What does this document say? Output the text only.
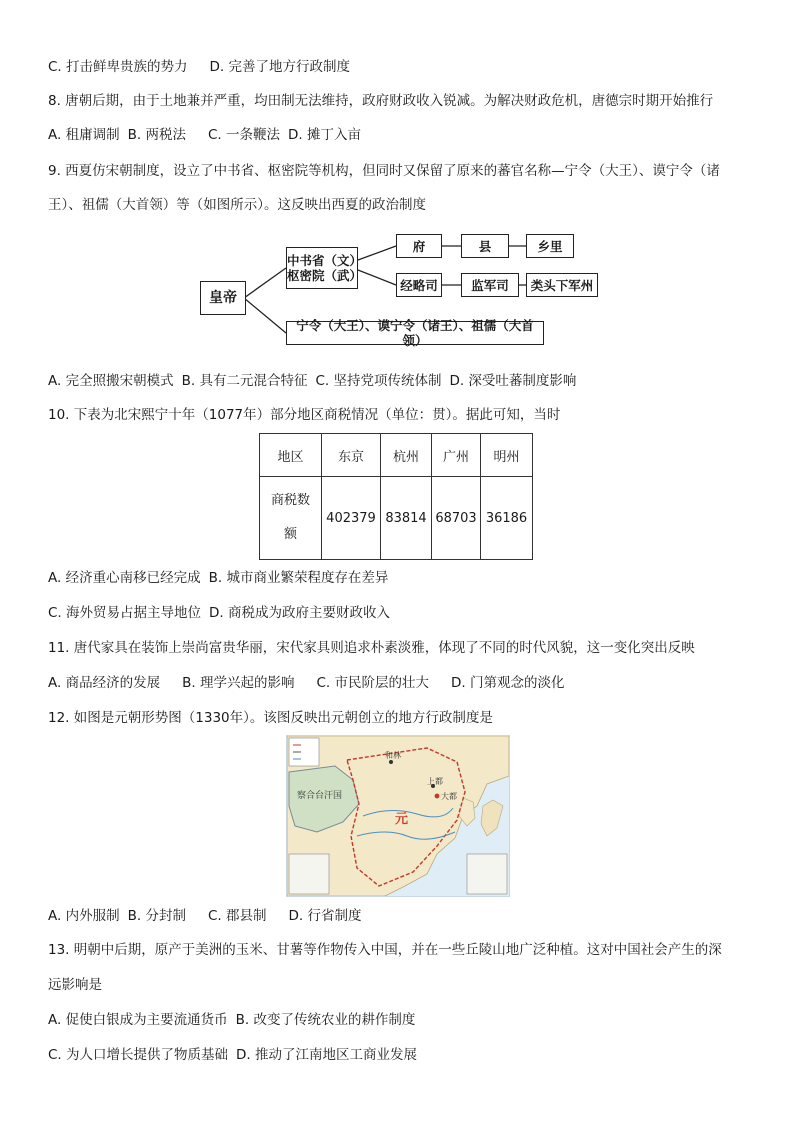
C. 打击鲜卑贵族的势力 D. 完善了地方行政制度
8. 唐朝后期，由于土地兼并严重，均田制无法维持，政府财政收入锐减。为解决财政危机，唐德宗时期开始推行
A. 租庸调制 B. 两税法 C. 一条鞭法 D. 摊丁入亩
9. 西夏仿宋朝制度，设立了中书省、枢密院等机构，但同时又保留了原来的蕃官名称—宁令（大王）、谟宁令（诸
王）、祖儒（大首领）等（如图所示）。这反映出西夏的政治制度
皇帝
中书省（文）
枢密院（武）
府	县	乡里
经略司	监军司	类头下军州
宁令（大王）、谟宁令（诸王）、祖儒（大首领）
A. 完全照搬宋朝模式 B. 具有二元混合特征 C. 坚持党项传统体制 D. 深受吐蕃制度影响
10. 下表为北宋熙宁十年（1077年）部分地区商税情况（单位：贯）。据此可知，当时
地区	东京	杭州	广州	明州

商税数
额	402379	83814	68703	36186
A. 经济重心南移已经完成 B. 城市商业繁荣程度存在差异
C. 海外贸易占据主导地位 D. 商税成为政府主要财政收入
11. 唐代家具在装饰上崇尚富贵华丽，宋代家具则追求朴素淡雅，体现了不同的时代风貌，这一变化突出反映
A. 商品经济的发展 B. 理学兴起的影响 C. 市民阶层的壮大 D. 门第观念的淡化
12. 如图是元朝形势图（1330年）。该图反映出元朝创立的地方行政制度是
察合台汗国
元
大都
上都
和林
A. 内外服制 B. 分封制 C. 郡县制 D. 行省制度
13. 明朝中后期，原产于美洲的玉米、甘薯等作物传入中国，并在一些丘陵山地广泛种植。这对中国社会产生的深
远影响是
A. 促使白银成为主要流通货币 B. 改变了传统农业的耕作制度
C. 为人口增长提供了物质基础 D. 推动了江南地区工商业发展
